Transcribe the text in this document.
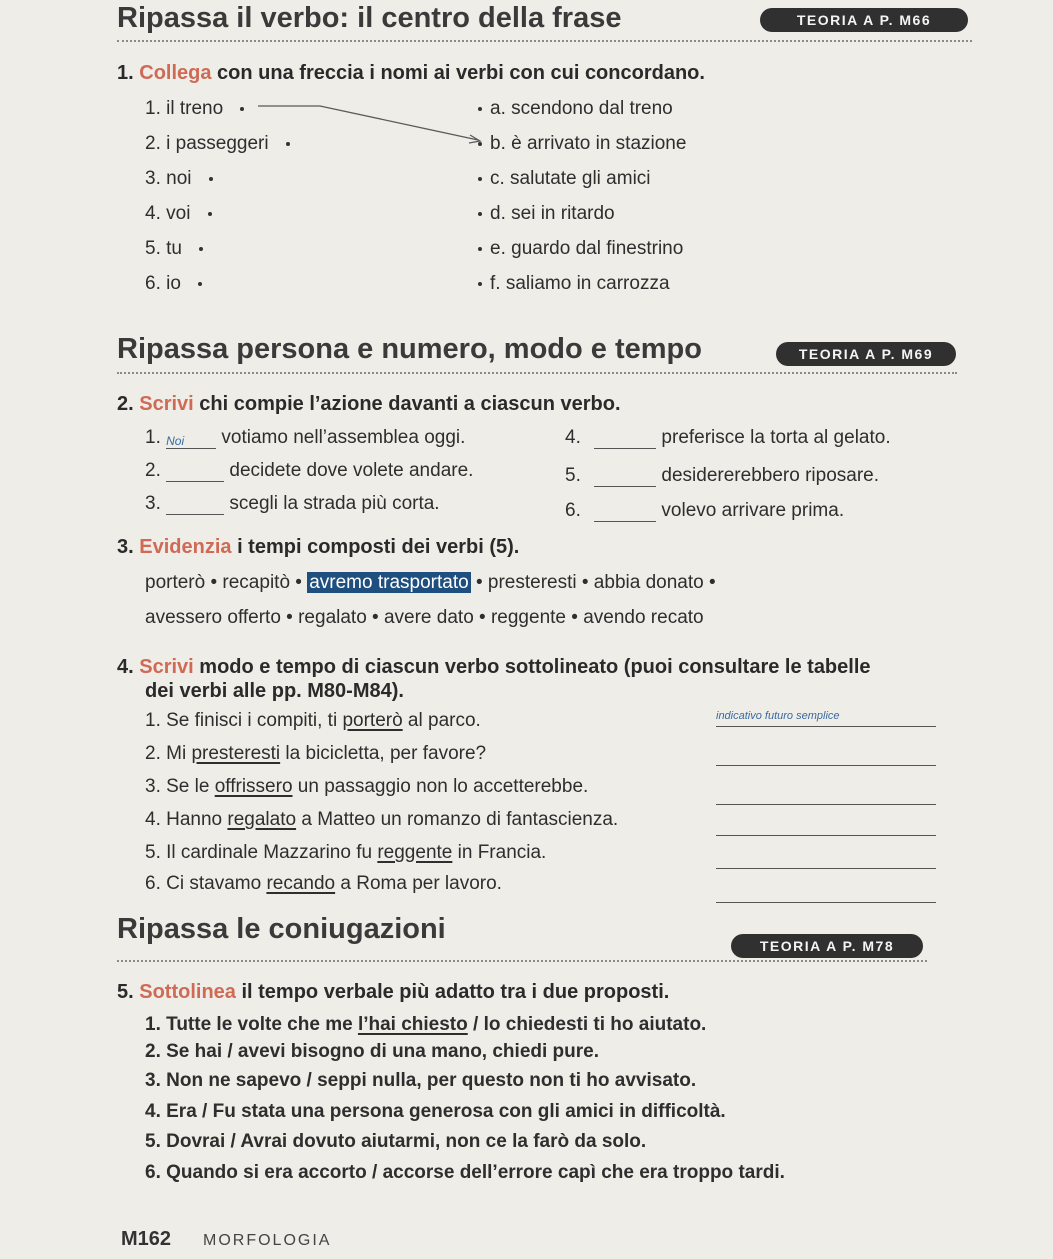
Ripassa il verbo: il centro della frase	TEORIA A P. M66
1. Collega con una freccia i nomi ai verbi con cui concordano.
1. il treno
2. i passeggeri
3. noi
4. voi
5. tu
6. io
a. scendono dal treno
b. è arrivato in stazione
c. salutate gli amici
d. sei in ritardo
e. guardo dal finestrino
f. saliamo in carrozza
Ripassa persona e numero, modo e tempo	TEORIA A P. M69
2. Scrivi chi compie l’azione davanti a ciascun verbo.
1. Noi votiamo nell’assemblea oggi.
2.	decidete dove volete andare.
3.	scegli la strada più corta.
4.	preferisce la torta al gelato.
5.	desidererebbero riposare.
6.	volevo arrivare prima.
3. Evidenzia i tempi composti dei verbi (5).
porterò • recapitò • avremo trasportato • presteresti • abbia donato •
avessero offerto • regalato • avere dato • reggente • avendo recato
4. Scrivi modo e tempo di ciascun verbo sottolineato (puoi consultare le tabelle
dei verbi alle pp. M80-M84).
1. Se finisci i compiti, ti porterò al parco.
2. Mi presteresti la bicicletta, per favore?
3. Se le offrissero un passaggio non lo accetterebbe.
4. Hanno regalato a Matteo un romanzo di fantascienza.
5. Il cardinale Mazzarino fu reggente in Francia.
6. Ci stavamo recando a Roma per lavoro.
indicativo futuro semplice
Ripassa le coniugazioni
TEORIA A P. M78
5. Sottolinea il tempo verbale più adatto tra i due proposti.
1. Tutte le volte che me l’hai chiesto / lo chiedesti ti ho aiutato.
2. Se hai / avevi bisogno di una mano, chiedi pure.
3. Non ne sapevo / seppi nulla, per questo non ti ho avvisato.
4. Era / Fu stata una persona generosa con gli amici in difficoltà.
5. Dovrai / Avrai dovuto aiutarmi, non ce la farò da solo.
6. Quando si era accorto / accorse dell’errore capì che era troppo tardi.
M162 MORFOLOGIA
